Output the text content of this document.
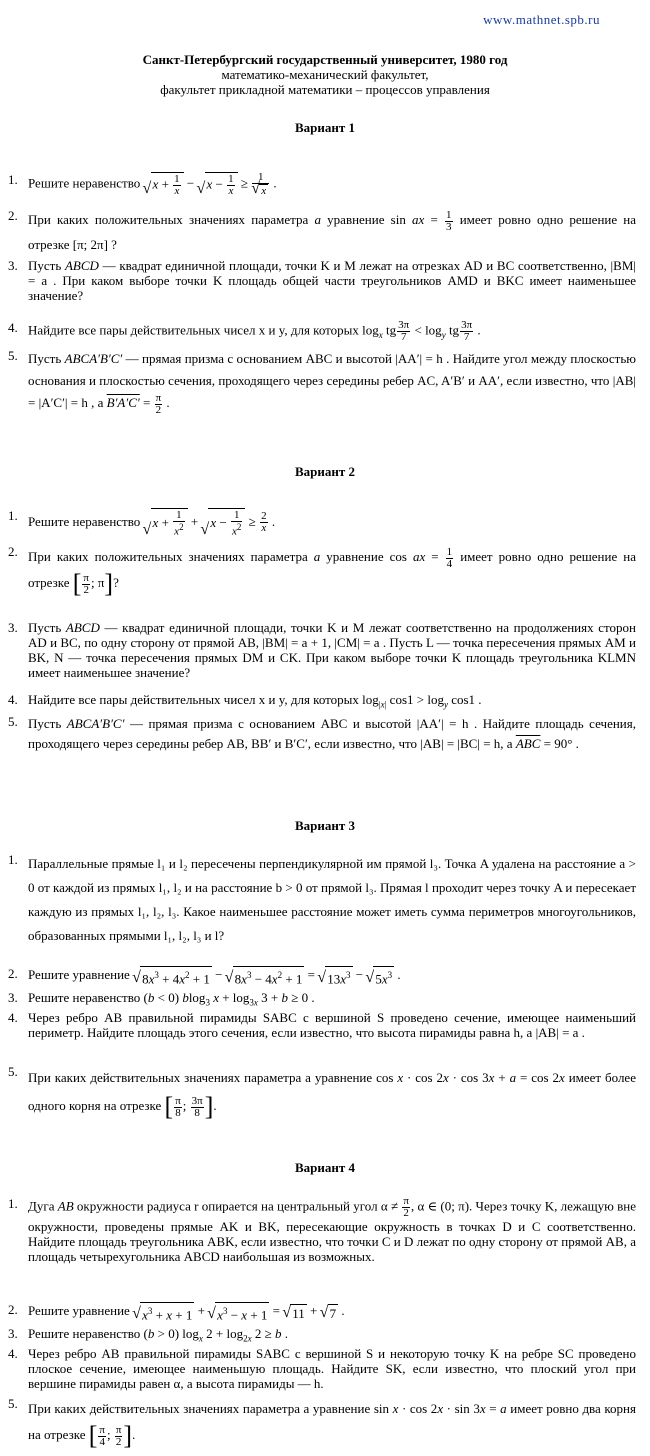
www.mathnet.spb.ru
Санкт-Петербургский государственный университет, 1980 год
математико-механический факультет,
факультет прикладной математики – процессов управления
Вариант 1
1. Решите неравенство √ $x + \frac{1}{x}$ − √ $x - \frac{1}{x} \ge 1$
√ x .
2. При каких положительных значениях параметра a уравнение sin ax = $\frac{1}{3}$ имеет ровно одно решение на отрезке [π; 2π] ?
3. Пусть ABCD — квадрат единичной площади, точки K и M лежат на отрезках AD и BC соответственно, |BM| = a . При каком выборе точки K площадь общей части треугольников AMD и BKC имеет наименьшее значение?
4. Найдите все пары действительных чисел x и y, для которых $\log_x$ tg $\frac{3\pi}{7} < \log_y$ tg $\frac{3\pi}{7}$ .
5. Пусть ABCA′B′C′ — прямая призма с основанием ABC и высотой |AA′| = h . Найдите угол между плоскостью основания и плоскостью сечения, проходящего через середины ребер AC, A′B′ и AA′, если известно, что |AB| = |A′C′| = h , а $B'A'C' = \frac{\pi}{2}$ .
Вариант 2
1. Решите неравенство √ $x + \frac{1}{x^2}$ + √ $x - \frac{1}{x^2} \ge \frac{2}{x}$ .
2. При каких положительных значениях параметра a уравнение cos ax = $\frac{1}{4}$ имеет ровно одно решение на отрезке [ $\frac{\pi}{2}$ ; π]?
3. Пусть ABCD — квадрат единичной площади, точки K и M лежат соответственно на продолжениях сторон AD и BC, по одну сторону от прямой AB, |BM| = a + 1, |CM| = a . Пусть L — точка пересечения прямых AM и BK, N — точка пересечения прямых DM и CK. При каком выборе точки K площадь треугольника KLMN имеет наименьшее значение?
4. Найдите все пары действительных чисел x и y, для которых $\log_{|x|} \cos 1 > \log_y \cos 1$ .
5. Пусть ABCA′B′C′ — прямая призма с основанием ABC и высотой |AA′| = h . Найдите площадь сечения, проходящего через середины ребер AB, BB′ и B′C′, если известно, что |AB| = |BC| = h, а $\overline{ABC} = 90^\circ$ .
Вариант 3
1. Параллельные прямые l₁ и l₂ пересечены перпендикулярной им прямой l₃. Точка A удалена на расстояние a > 0 от каждой из прямых l₁, l₂ и на расстояние b > 0 от прямой l₃. Прямая l проходит через точку A и пересекает каждую из прямых l₁, l₂, l₃. Какое наименьшее расстояние может иметь сумма периметров многоугольников, образованных прямыми l₁, l₂, l₃ и l?
2. Решите уравнение √ $8x^3 + 4x^2 + 1$ − √ $8x^3 - 4x^2 + 1$ = √ $13x^3$ − √ $5x^3$ .
3. Решите неравенство (b < 0) blog$_3$ $x + \log_{3x} 3 + b \ge 0$ .
4. Через ребро AB правильной пирамиды SABC с вершиной S проведено сечение, имеющее наименьший периметр. Найдите площадь этого сечения, если известно, что высота пирамиды равна h, а |AB| = a .
5. При каких действительных значениях параметра a уравнение cos x · cos 2x · cos 3x + a = cos 2x имеет более одного корня на отрезке [ $\frac{\pi}{8}$ ; $\frac{3\pi}{8}$ ].
Вариант 4
1. Дуга AB окружности радиуса r опирается на центральный угол $\alpha \ne \frac{\pi}{2}$ , α ∈ (0; π). Через точку K, лежащую вне окружности, проведены прямые AK и BK, пересекающие окружность в точках D и C соответственно. Найдите площадь треугольника ABK, если известно, что точки C и D лежат по одну сторону от прямой AB, а площадь четырехугольника ABCD наибольшая из возможных.
2. Решите уравнение √ $x^3 + x + 1$ + √ $x^3 - x + 1$ = √ 11 + √ 7 .
3. Решите неравенство (b > 0) $\log_x 2 + \log_{2x} 2 \ge b$ .
4. Через ребро AB правильной пирамиды SABC с вершиной S и некоторую точку K на ребре SC проведено плоское сечение, имеющее наименьшую площадь. Найдите SK, если известно, что плоский угол при вершине пирамиды равен α, а высота пирамиды — h.
5. При каких действительных значениях параметра a уравнение sin x · cos 2x · sin 3x = a имеет ровно два корня на отрезке [ $\frac{\pi}{4}$ ; $\frac{\pi}{2}$ ].
